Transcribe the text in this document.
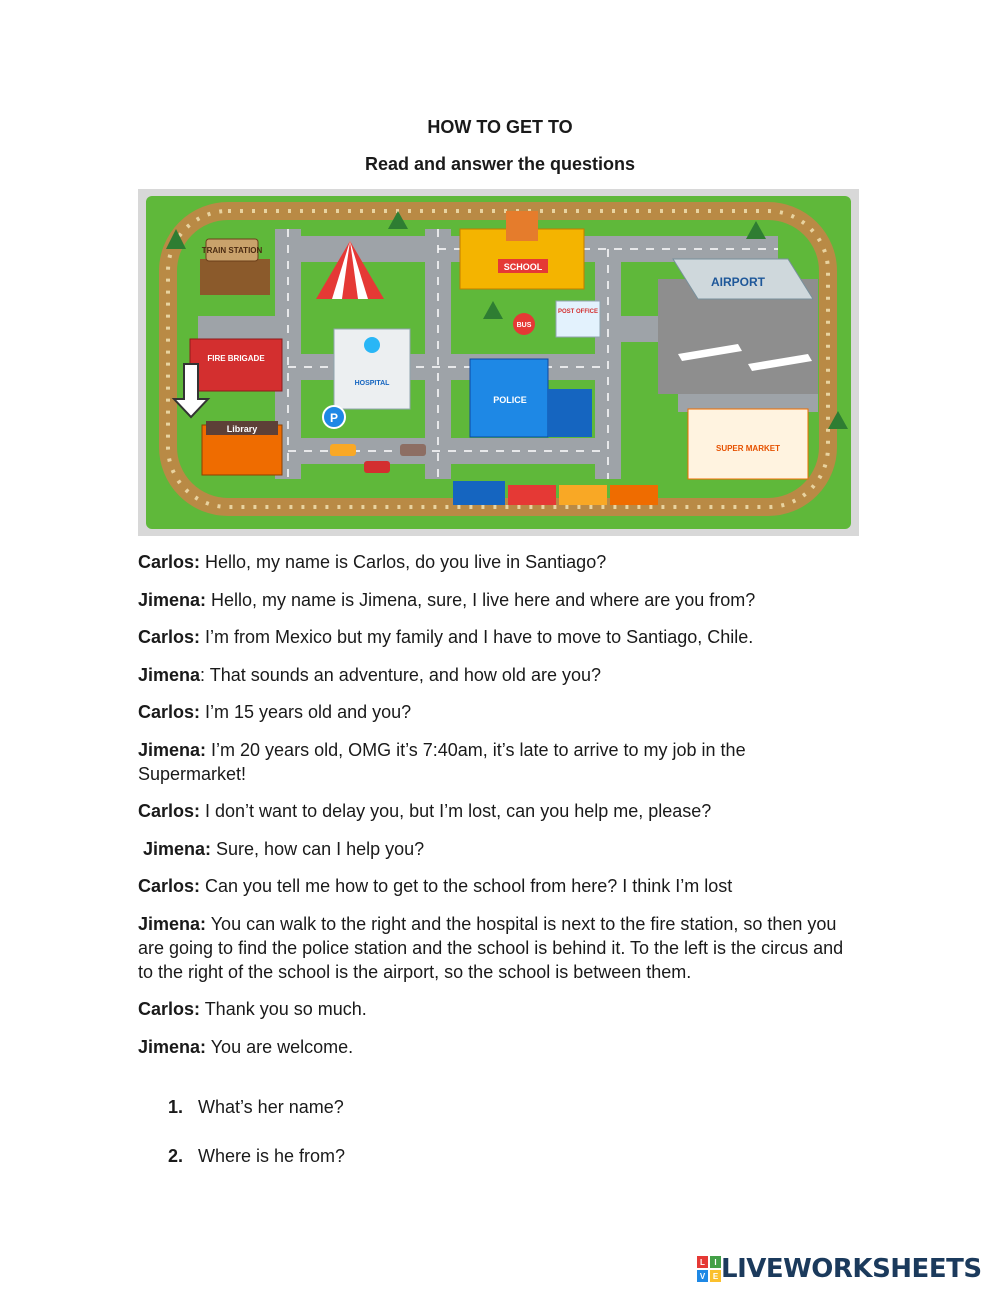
HOW TO GET TO
Read and answer the questions
TRAIN STATION
SCHOOL
BUS
POST OFFICE
AIRPORT
FIRE BRIGADE
HOSPITAL
POLICE
P
Library
SUPER MARKET
Carlos: Hello, my name is Carlos, do you live in Santiago?
Jimena: Hello, my name is Jimena, sure, I live here and where are you from?
Carlos: I’m from Mexico but my family and I have to move to Santiago, Chile.
Jimena: That sounds an adventure, and how old are you?
Carlos: I’m 15 years old and you?
Jimena: I’m 20 years old, OMG it’s 7:40am, it’s late to arrive to my job in the Supermarket!
Carlos: I don’t want to delay you, but I’m lost, can you help me, please?
Jimena: Sure, how can I help you?
Carlos: Can you tell me how to get to the school from here? I think I’m lost
Jimena: You can walk to the right and the hospital is next to the fire station, so then you are going to find the police station and the school is behind it. To the left is the circus and to the right of the school is the airport, so the school is between them.
Carlos: Thank you so much.
Jimena: You are welcome.
1. What’s her name?
2. Where is he from?
L I
V E LIVEWORKSHEETS
